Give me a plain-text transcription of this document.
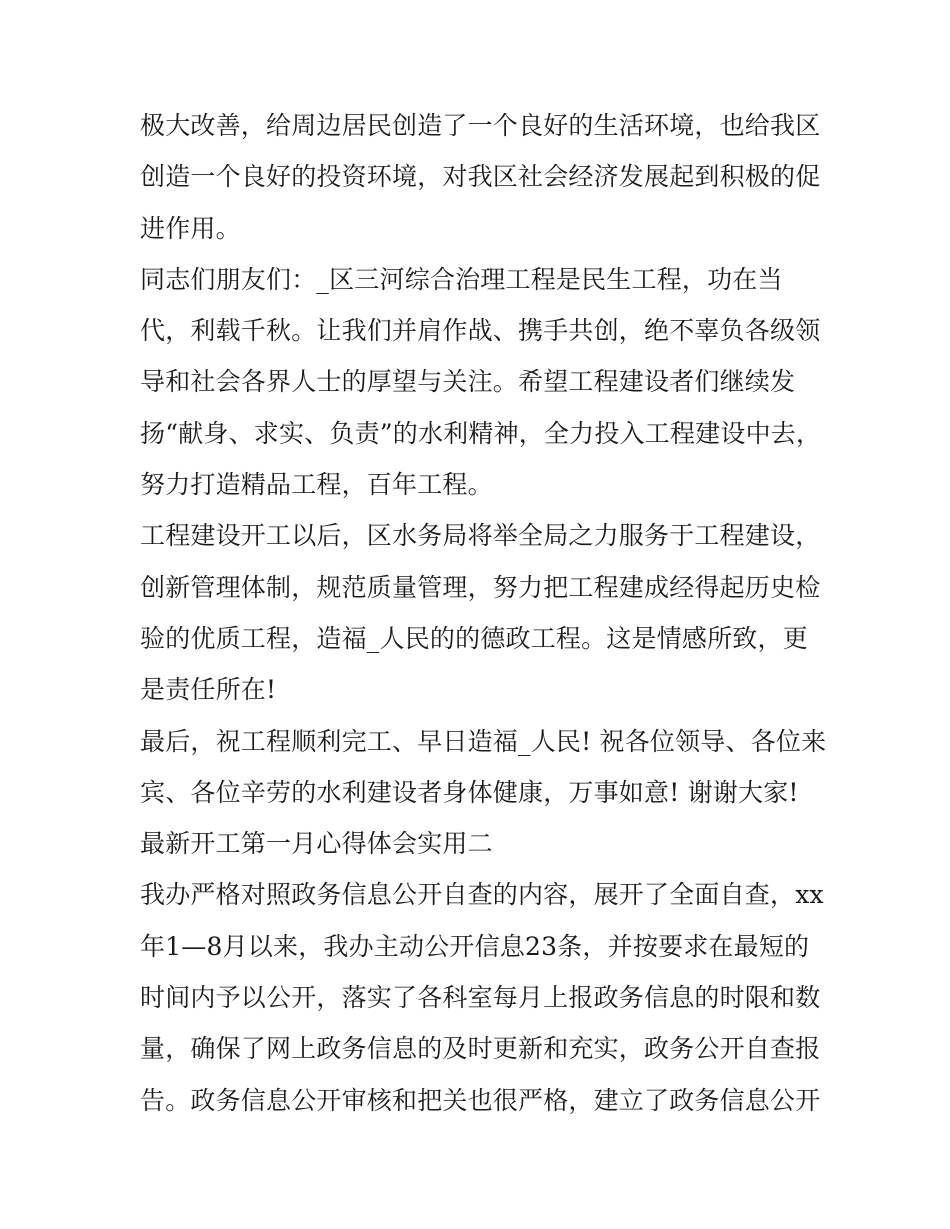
极大改善，给周边居民创造了一个良好的生活环境，也给我区
创造一个良好的投资环境，对我区社会经济发展起到积极的促
进作用。
同志们朋友们：_区三河综合治理工程是民生工程，功在当
代，利载千秋。让我们并肩作战、携手共创，绝不辜负各级领
导和社会各界人士的厚望与关注。希望工程建设者们继续发
扬“献身、求实、负责”的水利精神，全力投入工程建设中去，
努力打造精品工程，百年工程。
工程建设开工以后，区水务局将举全局之力服务于工程建设，
创新管理体制，规范质量管理，努力把工程建成经得起历史检
验的优质工程，造福_人民的的德政工程。这是情感所致，更
是责任所在!
最后，祝工程顺利完工、早日造福_人民! 祝各位领导、各位来
宾、各位辛劳的水利建设者身体健康，万事如意! 谢谢大家!
最新开工第一月心得体会实用二
我办严格对照政务信息公开自查的内容，展开了全面自查，xx
年1—8月以来，我办主动公开信息23条，并按要求在最短的
时间内予以公开，落实了各科室每月上报政务信息的时限和数
量，确保了网上政务信息的及时更新和充实，政务公开自查报
告。政务信息公开审核和把关也很严格，建立了政务信息公开
